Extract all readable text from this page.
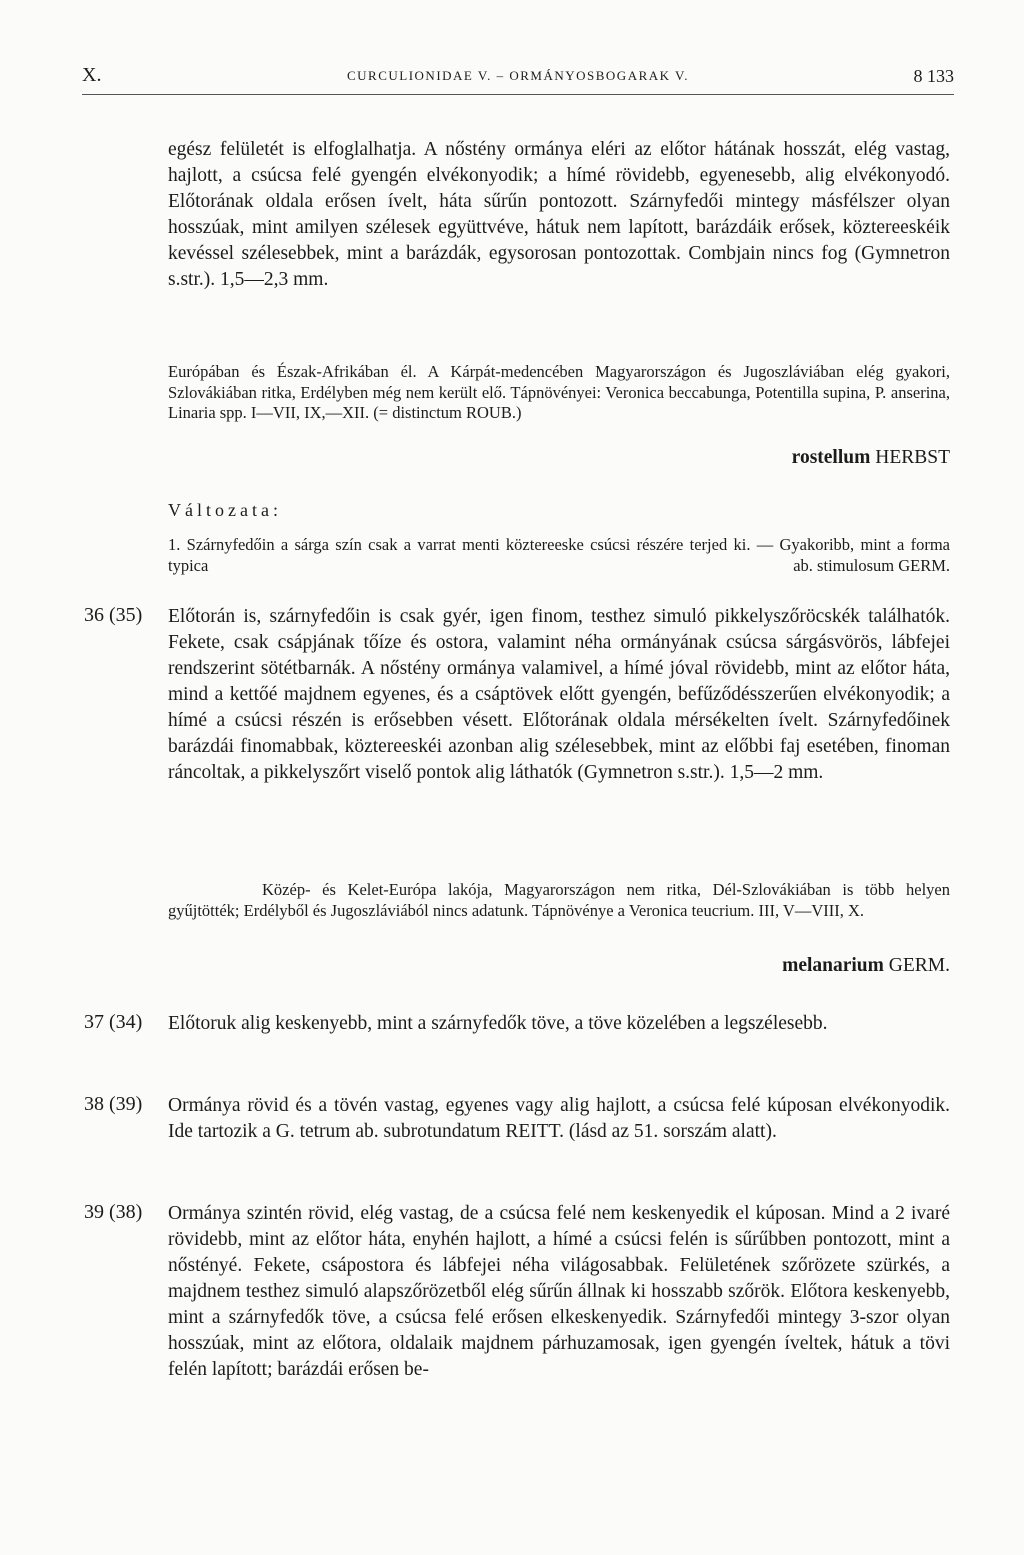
X.	CURCULIONIDAE V. – ORMÁNYOSBOGARAK V.	8 133

egész felületét is elfoglalhatja. A nőstény ormánya eléri az előtor hátának hosszát, elég vastag, hajlott, a csúcsa felé gyengén elvékonyodik; a hímé rövidebb, egyenesebb, alig elvékonyodó. Előtorának oldala erősen ívelt, háta sűrűn pontozott. Szárnyfedői mintegy másfélszer olyan hosszúak, mint amilyen szélesek együttvéve, hátuk nem lapított, barázdáik erősek, köztereeskéik kevéssel szélesebbek, mint a barázdák, egysorosan pontozottak. Combjain nincs fog (Gymnetron s.str.). 1,5—2,3 mm.

Európában és Észak-Afrikában él. A Kárpát-medencében Magyarországon és Jugoszláviában elég gyakori, Szlovákiában ritka, Erdélyben még nem került elő. Tápnövényei: Veronica beccabunga, Potentilla supina, P. anserina, Linaria spp. I—VII, IX,—XII. (= distinctum ROUB.)

rostellum HERBST
Változata:

1. Szárnyfedőin a sárga szín csak a varrat menti köztereeske csúcsi részére terjed ki. — Gyakoribb, mint a forma typica	ab. stimulosum GERM.
36 (35) Előtorán is, szárnyfedőin is csak gyér, igen finom, testhez simuló pikkelyszőröcskék találhatók. Fekete, csak csápjának tőíze és ostora, valamint néha ormányának csúcsa sárgásvörös, lábfejei rendszerint sötétbarnák. A nőstény ormánya valamivel, a hímé jóval rövidebb, mint az előtor háta, mind a kettőé majdnem egyenes, és a csáptövek előtt gyengén, befűződésszerűen elvékonyodik; a hímé a csúcsi részén is erősebben vésett. Előtorának oldala mérsékelten ívelt. Szárnyfedőinek barázdái finomabbak, köztereeskéi azonban alig szélesebbek, mint az előbbi faj esetében, finoman ráncoltak, a pikkelyszőrt viselő pontok alig láthatók (Gymnetron s.str.). 1,5—2 mm.

Közép- és Kelet-Európa lakója, Magyarországon nem ritka, Dél-Szlovákiában is több helyen gyűjtötték; Erdélyből és Jugoszláviából nincs adatunk. Tápnövénye a Veronica teucrium. III, V—VIII, X.

melanarium GERM.
37 (34) Előtoruk alig keskenyebb, mint a szárnyfedők töve, a töve közelében a legszélesebb.

38 (39) Ormánya rövid és a tövén vastag, egyenes vagy alig hajlott, a csúcsa felé kúposan elvékonyodik. Ide tartozik a G. tetrum ab. subrotundatum REITT. (lásd az 51. sorszám alatt).

39 (38) Ormánya szintén rövid, elég vastag, de a csúcsa felé nem keskenyedik el kúposan. Mind a 2 ivaré rövidebb, mint az előtor háta, enyhén hajlott, a hímé a csúcsi felén is sűrűbben pontozott, mint a nőstényé. Fekete, csápostora és lábfejei néha világosabbak. Felületének szőrözete szürkés, a majdnem testhez simuló alapszőrözetből elég sűrűn állnak ki hosszabb szőrök. Előtora keskenyebb, mint a szárnyfedők töve, a csúcsa felé erősen elkeskenyedik. Szárnyfedői mintegy 3-szor olyan hosszúak, mint az előtora, oldalaik majdnem párhuzamosak, igen gyengén íveltek, hátuk a tövi felén lapított; barázdái erősen be-
